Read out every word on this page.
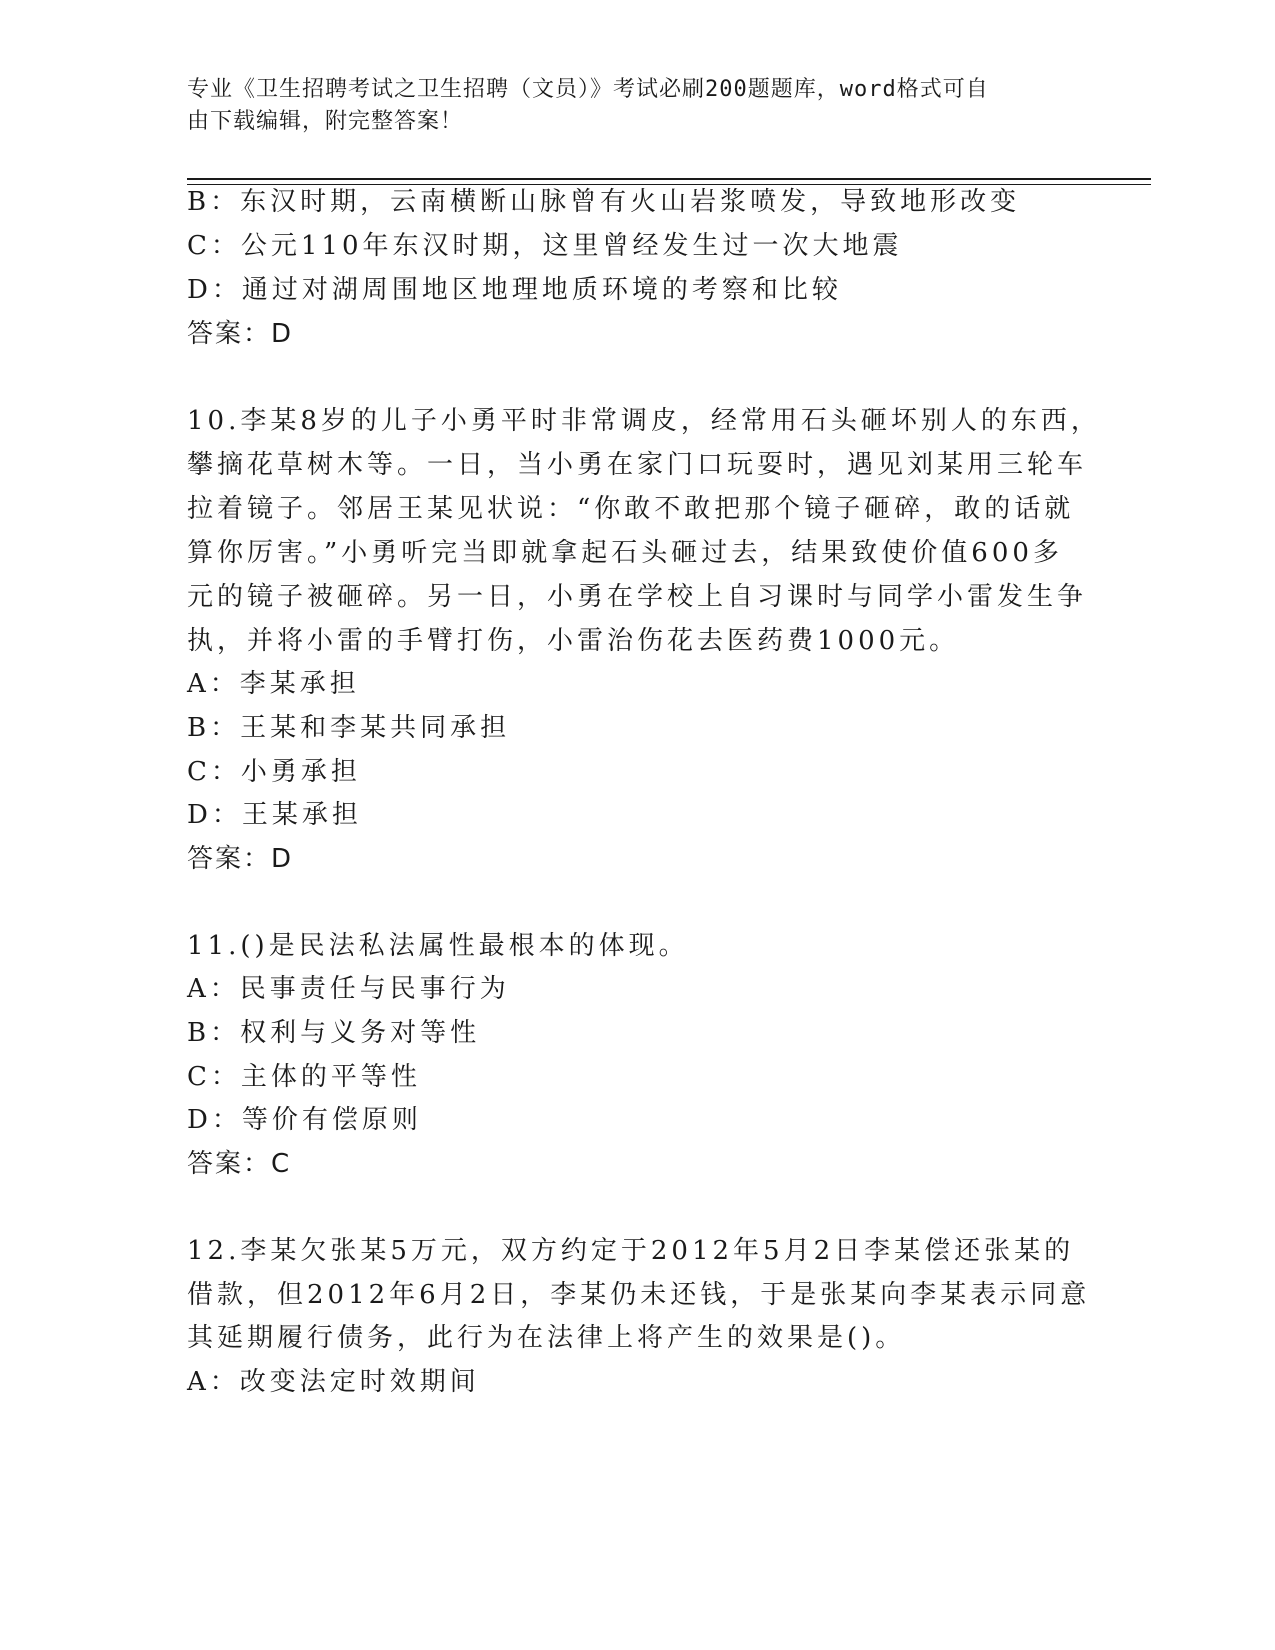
专业《卫生招聘考试之卫生招聘（文员）》考试必刷200题题库，word格式可自
由下载编辑，附完整答案！
B：东汉时期，云南横断山脉曾有火山岩浆喷发，导致地形改变
C：公元110年东汉时期，这里曾经发生过一次大地震
D：通过对湖周围地区地理地质环境的考察和比较
答案：D
10.李某8岁的儿子小勇平时非常调皮，经常用石头砸坏别人的东西，
攀摘花草树木等。一日，当小勇在家门口玩耍时，遇见刘某用三轮车
拉着镜子。邻居王某见状说：“你敢不敢把那个镜子砸碎，敢的话就
算你厉害。”小勇听完当即就拿起石头砸过去，结果致使价值600多
元的镜子被砸碎。另一日，小勇在学校上自习课时与同学小雷发生争
执，并将小雷的手臂打伤，小雷治伤花去医药费1000元。
A：李某承担
B：王某和李某共同承担
C：小勇承担
D：王某承担
答案：D
11.()是民法私法属性最根本的体现。
A：民事责任与民事行为
B：权利与义务对等性
C：主体的平等性
D：等价有偿原则
答案：C
12.李某欠张某5万元，双方约定于2012年5月2日李某偿还张某的
借款，但2012年6月2日，李某仍未还钱，于是张某向李某表示同意
其延期履行债务，此行为在法律上将产生的效果是()。
A：改变法定时效期间
